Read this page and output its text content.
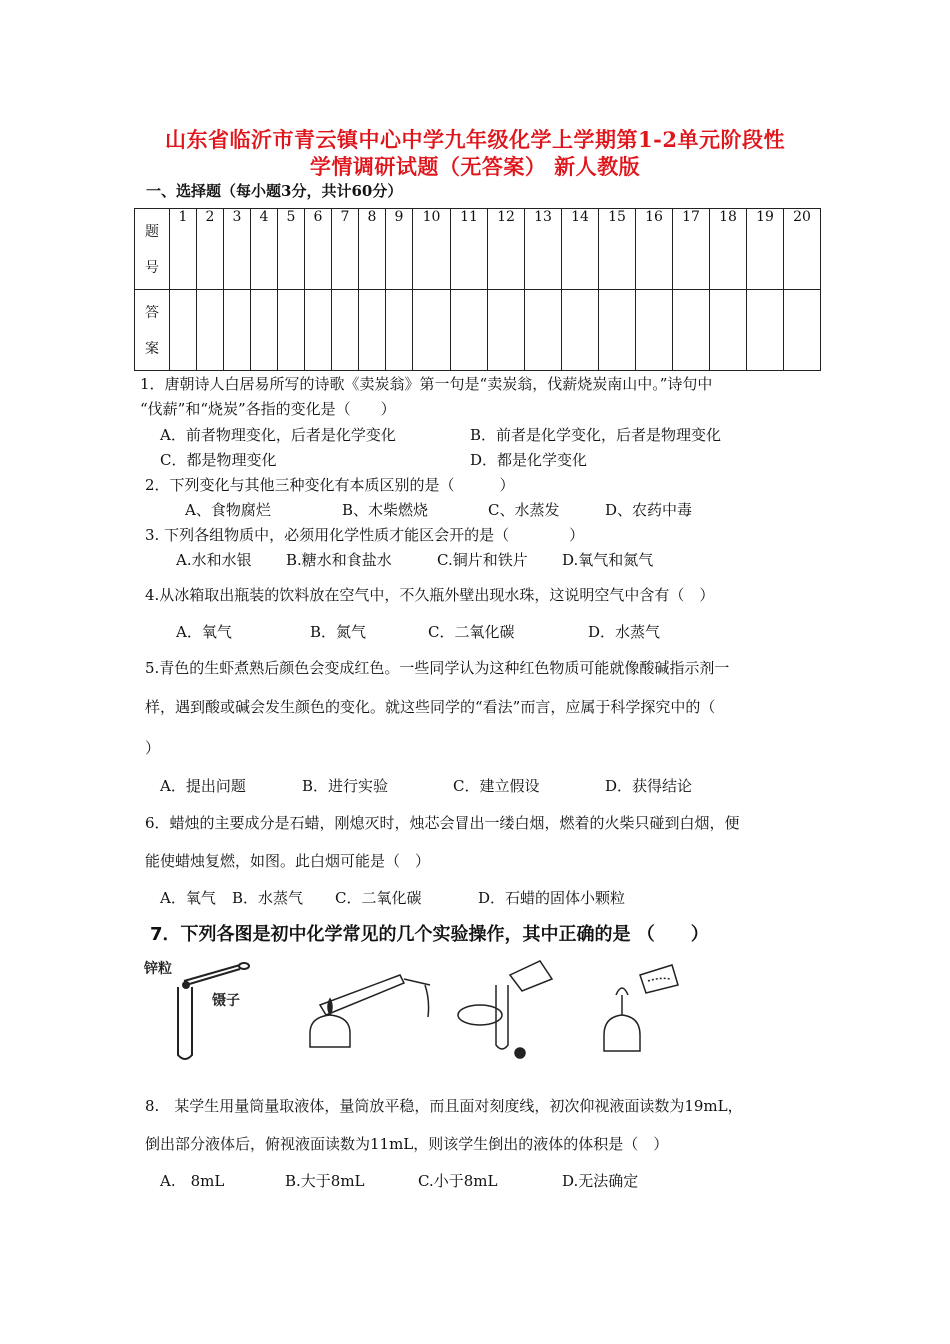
山东省临沂市青云镇中心中学九年级化学上学期第1-2单元阶段性
学情调研试题（无答案） 新人教版
一、选择题（每小题3分，共计60分）
题
号	1	2	3	4	5	6	7	8	9	10	11	12	13	14	15	16	17	18	19	20

答
案																				

1．唐朝诗人白居易所写的诗歌《卖炭翁》第一句是“卖炭翁，伐薪烧炭南山中。”诗句中
“伐薪”和“烧炭”各指的变化是（　　）
A．前者物理变化，后者是化学变化	B．前者是化学变化，后者是物理变化
C．都是物理变化	D．都是化学变化
2．下列变化与其他三种变化有本质区别的是（　　　）
A、食物腐烂	B、木柴燃烧	C、水蒸发	D、农药中毒
3. 下列各组物质中，必须用化学性质才能区会开的是（　　　　）
A.水和水银 B.糖水和食盐水	C.铜片和铁片 D.氧气和氮气
4.从冰箱取出瓶装的饮料放在空气中，不久瓶外壁出现水珠，这说明空气中含有（　）
A．氧气	B．氮气	C．二氧化碳	D．水蒸气
5.青色的生虾煮熟后颜色会变成红色。一些同学认为这种红色物质可能就像酸碱指示剂一
样，遇到酸或碱会发生颜色的变化。就这些同学的“看法”而言，应属于科学探究中的（
）
A．提出问题	B．进行实验	C．建立假设	D．获得结论
6．蜡烛的主要成分是石蜡，刚熄灭时，烛芯会冒出一缕白烟，燃着的火柴只碰到白烟，便
能使蜡烛复燃，如图。此白烟可能是（　）
A．氧气 B．水蒸气 C．二氧化碳	D．石蜡的固体小颗粒
7．下列各图是初中化学常见的几个实验操作，其中正确的是 （　　）
锌粒
镊子
8.　某学生用量筒量取液体，量筒放平稳，而且面对刻度线，初次仰视液面读数为19mL，
倒出部分液体后，俯视液面读数为11mL，则该学生倒出的液体的体积是（　）
A.　8mL	B.大于8mL	C.小于8mL	D.无法确定
